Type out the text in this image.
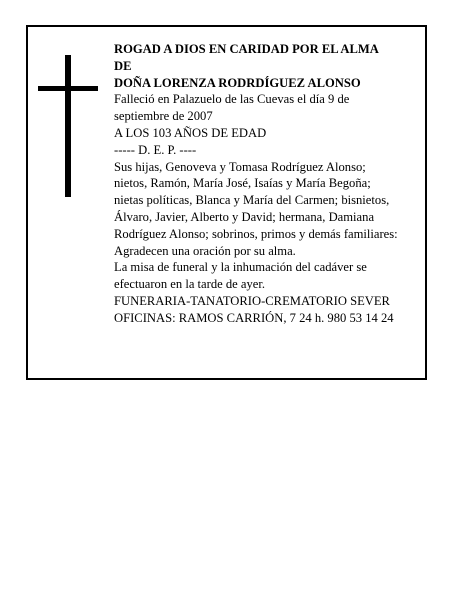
ROGAD A DIOS EN CARIDAD POR EL ALMA
DE
DOÑA LORENZA RODRDÍGUEZ ALONSO
Falleció en Palazuelo de las Cuevas el día 9 de
septiembre de 2007
A LOS 103 AÑOS DE EDAD
----- D. E. P. ----
Sus hijas, Genoveva y Tomasa Rodríguez Alonso;
nietos, Ramón, María José, Isaías y María Begoña;
nietas políticas, Blanca y María del Carmen; bisnietos,
Álvaro, Javier, Alberto y David; hermana, Damiana
Rodríguez Alonso; sobrinos, primos y demás familiares:
Agradecen una oración por su alma.
La misa de funeral y la inhumación del cadáver se
efectuaron en la tarde de ayer.
FUNERARIA-TANATORIO-CREMATORIO SEVER
OFICINAS: RAMOS CARRIÓN, 7 24 h. 980 53 14 24
